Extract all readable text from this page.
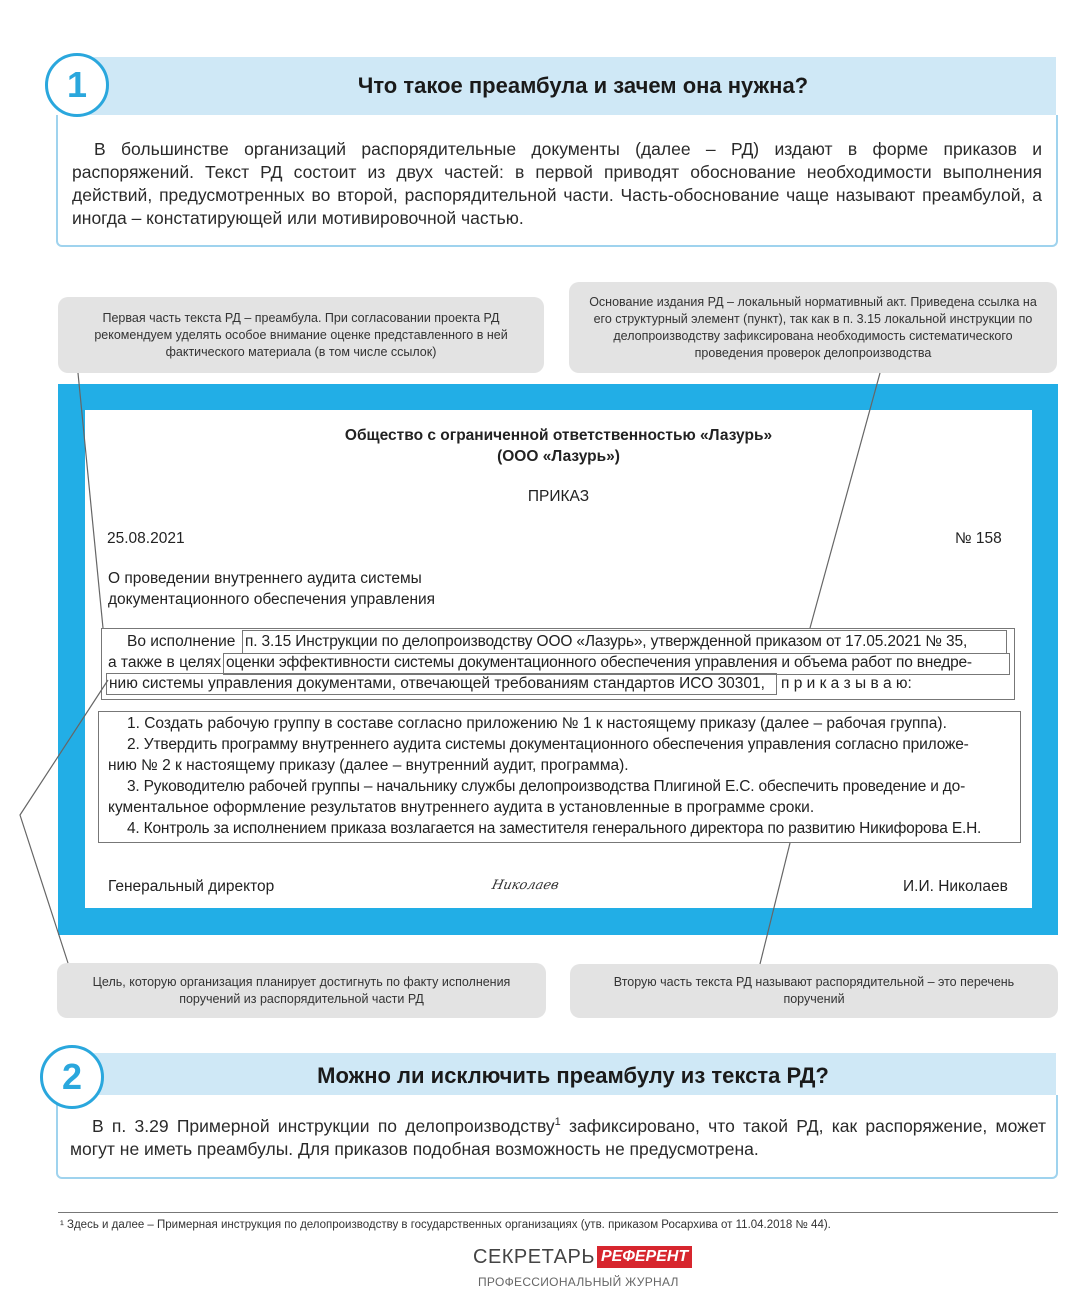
Что такое преамбула и зачем она нужна?
1
В большинстве организаций распорядительные документы (далее – РД) издают в форме приказов и распоряжений. Текст РД состоит из двух частей: в первой приводят обоснование необходимости выполнения действий, предусмотренных во второй, распорядительной части. Часть-обоснование чаще называют преамбулой, а иногда – констатирующей или мотивировочной частью.
Первая часть текста РД – преамбула. При согласовании проекта РД рекомендуем уделять особое внимание оценке представленного в ней фактического материала (в том числе ссылок)
Основание издания РД – локальный нормативный акт. Приведена ссылка на его структурный элемент (пункт), так как в п. 3.15 локальной инструкции по делопроизводству зафиксирована необходимость систематического проведения проверок делопроизводства
Общество с ограниченной ответственностью «Лазурь»
(ООО «Лазурь»)
ПРИКАЗ
25.08.2021	№ 158
О проведении внутреннего аудита системы
документационного обеспечения управления
Во исполнение п. 3.15 Инструкции по делопроизводству ООО «Лазурь», утвержденной приказом от 17.05.2021 № 35,
а также в целях оценки эффективности системы документационного обеспечения управления и объема работ по внедре-
нию системы управления документами, отвечающей требованиям стандартов ИСО 30301, п р и к а з ы в а ю:
1. Создать рабочую группу в составе согласно приложению № 1 к настоящему приказу (далее – рабочая группа).
2. Утвердить программу внутреннего аудита системы документационного обеспечения управления согласно приложе-
нию № 2 к настоящему приказу (далее – внутренний аудит, программа).
3. Руководителю рабочей группы – начальнику службы делопроизводства Плигиной Е.С. обеспечить проведение и до-
кументальное оформление результатов внутреннего аудита в установленные в программе сроки.
4. Контроль за исполнением приказа возлагается на заместителя генерального директора по развитию Никифорова Е.Н.
Генеральный директор	Николаев	И.И. Николаев
Цель, которую организация планирует достигнуть по факту исполнения поручений из распорядительной части РД
Вторую часть текста РД называют распорядительной – это перечень поручений
Можно ли исключить преамбулу из текста РД?
2
В п. 3.29 Примерной инструкции по делопроизводству$^1$ зафиксировано, что такой РД, как распоряжение, может могут не иметь преамбулы. Для приказов подобная возможность не предусмотрена.
¹ Здесь и далее – Примерная инструкция по делопроизводству в государственных организациях (утв. приказом Росархива от 11.04.2018 № 44).
СЕКРЕТАРЬ РЕФЕРЕНТ
ПРОФЕССИОНАЛЬНЫЙ ЖУРНАЛ
